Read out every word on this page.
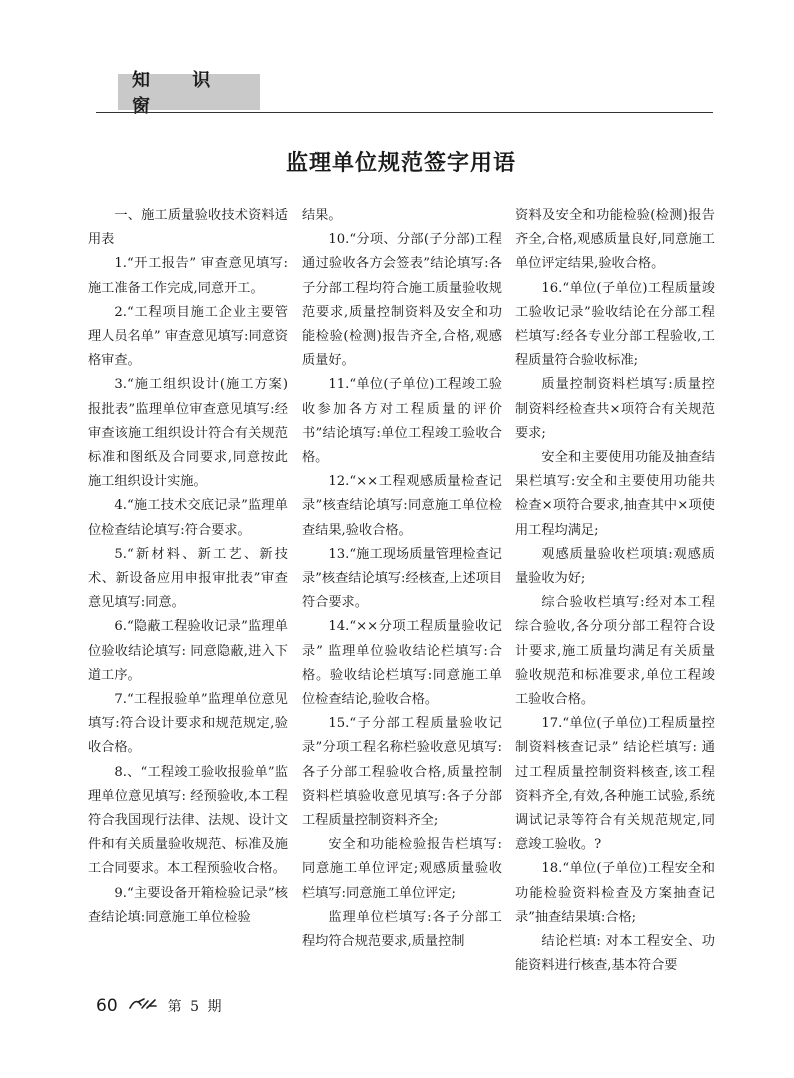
知 识 窗
监理单位规范签字用语

一、施工质量验收技术资料适用表

1.“开工报告” 审查意见填写:施工准备工作完成,同意开工。

2.“工程项目施工企业主要管理人员名单” 审查意见填写:同意资格审查。

3.“施工组织设计(施工方案)报批表”监理单位审查意见填写:经审查该施工组织设计符合有关规范标准和图纸及合同要求,同意按此施工组织设计实施。

4.“施工技术交底记录”监理单位检查结论填写:符合要求。

5.“新材料、新工艺、新技术、新设备应用申报审批表”审查意见填写:同意。

6.“隐蔽工程验收记录”监理单位验收结论填写: 同意隐蔽,进入下道工序。

7.“工程报验单”监理单位意见填写:符合设计要求和规范规定,验收合格。

8.、“工程竣工验收报验单”监理单位意见填写: 经预验收,本工程符合我国现行法律、法规、设计文件和有关质量验收规范、标准及施工合同要求。本工程预验收合格。

9.“主要设备开箱检验记录”核查结论填:同意施工单位检验

结果。

10.“分项、分部(子分部)工程通过验收各方会签表”结论填写:各子分部工程均符合施工质量验收规范要求,质量控制资料及安全和功能检验(检测)报告齐全,合格,观感质量好。

11.“单位(子单位)工程竣工验收参加各方对工程质量的评价书”结论填写:单位工程竣工验收合格。

12.“××工程观感质量检查记录”核查结论填写:同意施工单位检查结果,验收合格。

13.“施工现场质量管理检查记录”核查结论填写:经核查,上述项目符合要求。

14.“××分项工程质量验收记录” 监理单位验收结论栏填写:合格。验收结论栏填写:同意施工单位检查结论,验收合格。

15.“子分部工程质量验收记录”分项工程名称栏验收意见填写: 各子分部工程验收合格,质量控制资料栏填验收意见填写:各子分部工程质量控制资料齐全;

安全和功能检验报告栏填写:同意施工单位评定;观感质量验收栏填写:同意施工单位评定;

监理单位栏填写:各子分部工程均符合规范要求,质量控制

资料及安全和功能检验(检测)报告齐全,合格,观感质量良好,同意施工单位评定结果,验收合格。

16.“单位(子单位)工程质量竣工验收记录”验收结论在分部工程栏填写:经各专业分部工程验收,工程质量符合验收标准;

质量控制资料栏填写:质量控制资料经检查共×项符合有关规范要求;

安全和主要使用功能及抽查结果栏填写:安全和主要使用功能共检查×项符合要求,抽查其中×项使用工程均满足;

观感质量验收栏项填:观感质量验收为好;

综合验收栏填写:经对本工程综合验收,各分项分部工程符合设计要求,施工质量均满足有关质量验收规范和标准要求,单位工程竣工验收合格。

17.“单位(子单位)工程质量控制资料核查记录” 结论栏填写: 通过工程质量控制资料核查,该工程资料齐全,有效,各种施工试验,系统调试记录等符合有关规范规定,同意竣工验收。?

18.“单位(子单位)工程安全和功能检验资料检查及方案抽查记录”抽查结果填:合格;

结论栏填: 对本工程安全、功能资料进行核查,基本符合要

60	第 5 期
